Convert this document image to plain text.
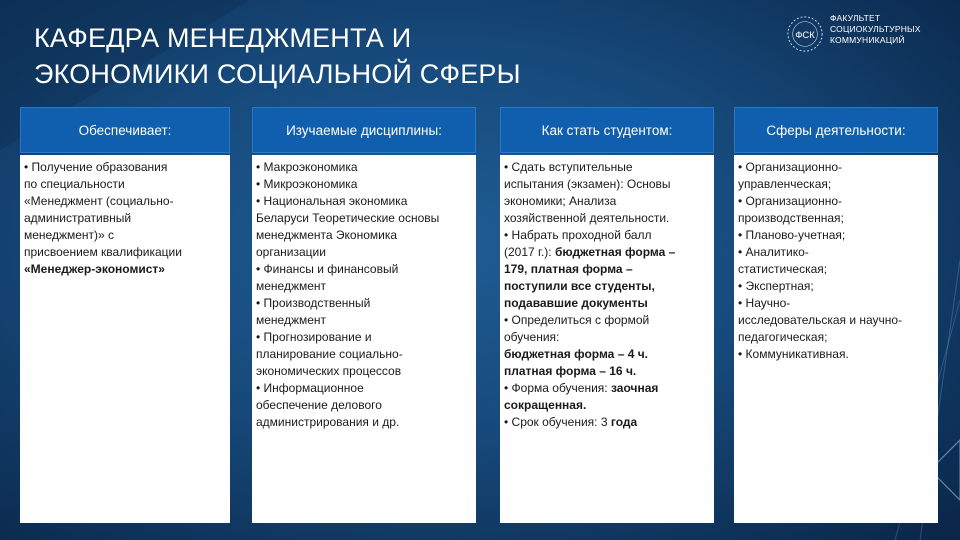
КАФЕДРА МЕНЕДЖМЕНТА И
ЭКОНОМИКИ СОЦИАЛЬНОЙ СФЕРЫ
ФСК
ФАКУЛЬТЕТ
СОЦИОКУЛЬТУРНЫХ
КОММУНИКАЦИЙ
Обеспечивает:
• Получение образования
по специальности
«Менеджмент (социально-
административный
менеджмент)» с
присвоением квалификации
«Менеджер-экономист»
Изучаемые дисциплины:
• Макроэкономика
• Микроэкономика
• Национальная экономика
Беларуси Теоретические основы
менеджмента Экономика
организации
• Финансы и финансовый
менеджмент
• Производственный
менеджмент
• Прогнозирование и
планирование социально-
экономических процессов
• Информационное
обеспечение делового
администрирования и др.
Как стать студентом:
• Сдать вступительные
испытания (экзамен): Основы
экономики; Анализа
хозяйственной деятельности.
• Набрать проходной балл
(2017 г.): бюджетная форма –
179, платная форма –
поступили все студенты,
подававшие документы
• Определиться с формой
обучения:
бюджетная форма – 4 ч.
платная форма – 16 ч.
• Форма обучения: заочная
сокращенная.
• Срок обучения: 3 года
Сферы деятельности:
• Организационно-
управленческая;
• Организационно-
производственная;
• Планово-учетная;
• Аналитико-
статистическая;
• Экспертная;
• Научно-
исследовательская и научно-
педагогическая;
• Коммуникативная.
